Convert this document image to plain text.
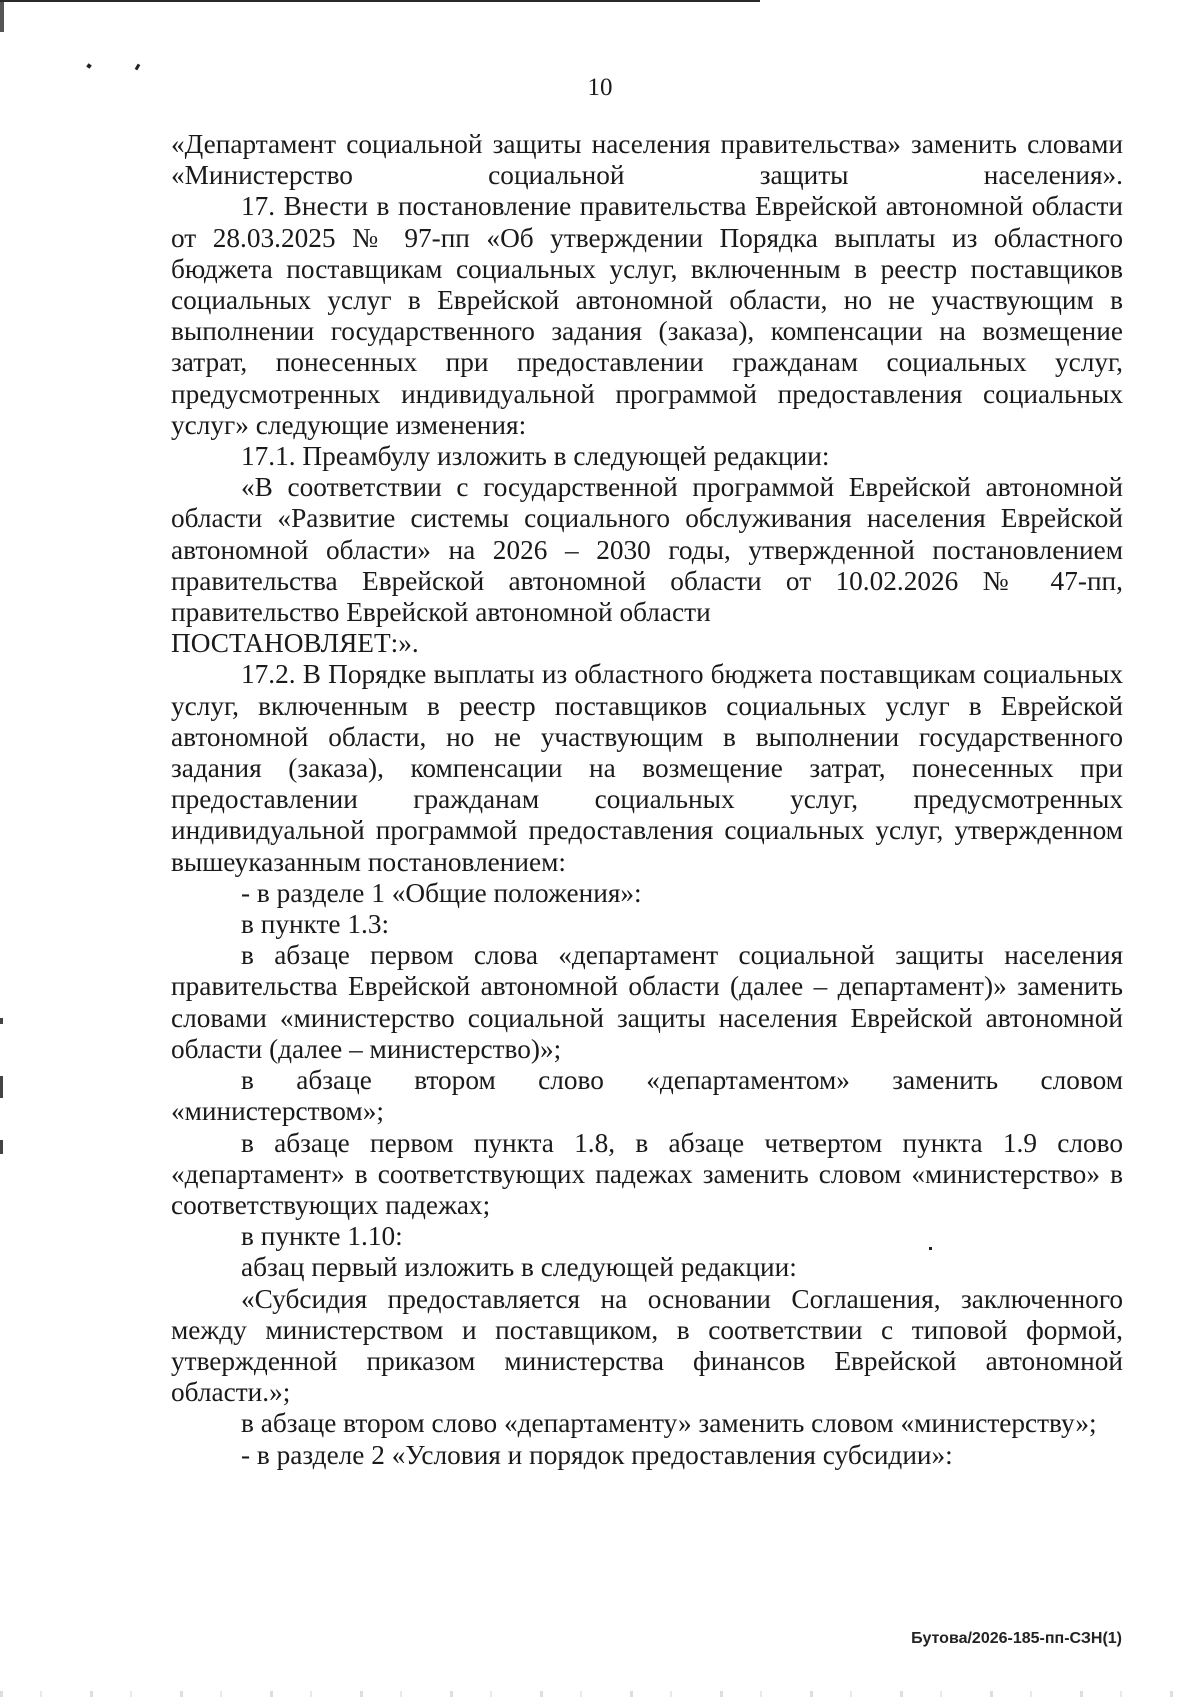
10

«Департамент социальной защиты населения правительства» заменить словами «Министерство социальной защиты населения».

17. Внести в постановление правительства Еврейской автономной области от 28.03.2025 № 97-пп «Об утверждении Порядка выплаты из областного бюджета поставщикам социальных услуг, включенным в реестр поставщиков социальных услуг в Еврейской автономной области, но не участвующим в выполнении государственного задания (заказа), компенсации на возмещение затрат, понесенных при предоставлении гражданам социальных услуг, предусмотренных индивидуальной программой предоставления социальных услуг» следующие изменения:

17.1. Преамбулу изложить в следующей редакции:

«В соответствии с государственной программой Еврейской автономной области «Развитие системы социального обслуживания населения Еврейской автономной области» на 2026 – 2030 годы, утвержденной постановлением правительства Еврейской автономной области от 10.02.2026 № 47-пп, правительство Еврейской автономной области

ПОСТАНОВЛЯЕТ:».

17.2. В Порядке выплаты из областного бюджета поставщикам социальных услуг, включенным в реестр поставщиков социальных услуг в Еврейской автономной области, но не участвующим в выполнении государственного задания (заказа), компенсации на возмещение затрат, понесенных при предоставлении гражданам социальных услуг, предусмотренных индивидуальной программой предоставления социальных услуг, утвержденном вышеуказанным постановлением:

- в разделе 1 «Общие положения»:

в пункте 1.3:

в абзаце первом слова «департамент социальной защиты населения правительства Еврейской автономной области (далее – департамент)» заменить словами «министерство социальной защиты населения Еврейской автономной области (далее – министерство)»;

в абзаце втором слово «департаментом» заменить словом «министерством»;

в абзаце первом пункта 1.8, в абзаце четвертом пункта 1.9 слово «департамент» в соответствующих падежах заменить словом «министерство» в соответствующих падежах;

в пункте 1.10:

абзац первый изложить в следующей редакции:

«Субсидия предоставляется на основании Соглашения, заключенного между министерством и поставщиком, в соответствии с типовой формой, утвержденной приказом министерства финансов Еврейской автономной области.»;

в абзаце втором слово «департаменту» заменить словом «министерству»;

- в разделе 2 «Условия и порядок предоставления субсидии»:

Бутова/2026-185-пп-СЗН(1)
